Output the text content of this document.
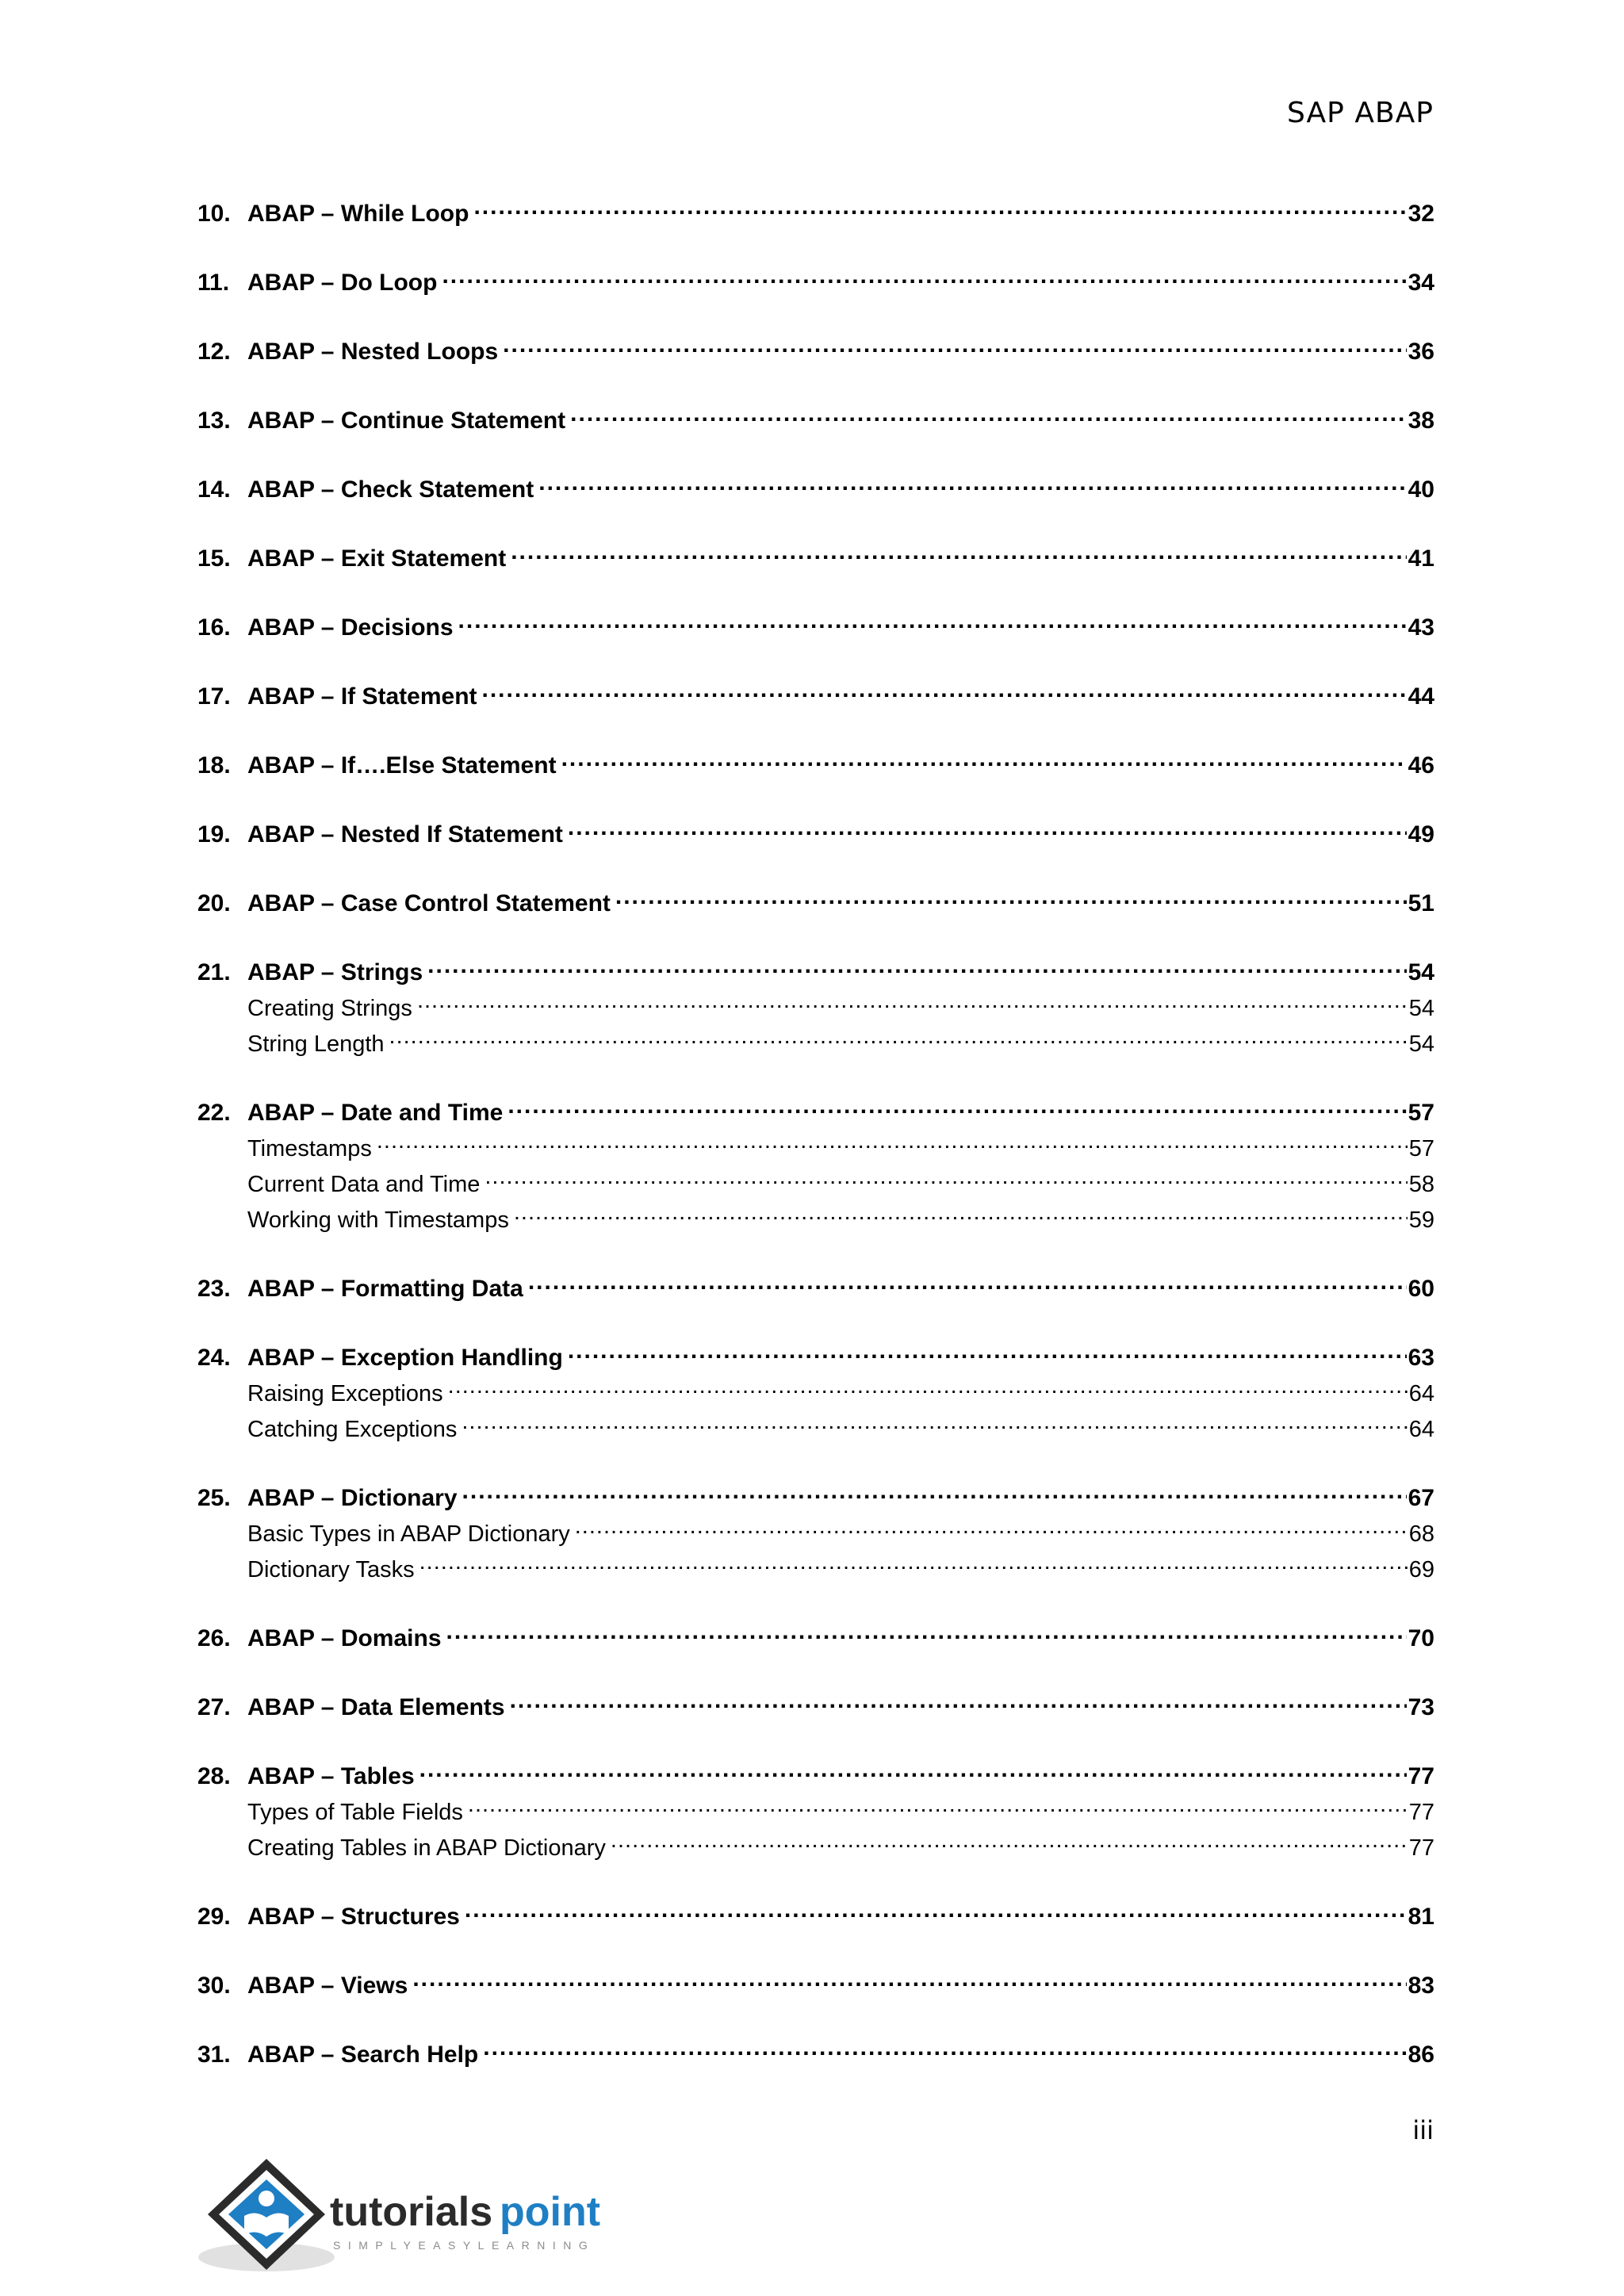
SAP ABAP
10. ABAP – While Loop .....	32
11. ABAP – Do Loop .....	34
12. ABAP – Nested Loops .....	36
13. ABAP – Continue Statement .....	38
14. ABAP – Check Statement .....	40
15. ABAP – Exit Statement .....	41
16. ABAP – Decisions .....	43
17. ABAP – If Statement .....	44
18. ABAP – If….Else Statement .....	46
19. ABAP – Nested If Statement .....	49
20. ABAP – Case Control Statement .....	51
21. ABAP – Strings .....	54
Creating Strings .....	54
String Length .....	54
22. ABAP – Date and Time .....	57
Timestamps .....	57
Current Data and Time .....	58
Working with Timestamps .....	59
23. ABAP – Formatting Data .....	60
24. ABAP – Exception Handling .....	63
Raising Exceptions .....	64
Catching Exceptions .....	64
25. ABAP – Dictionary .....	67
Basic Types in ABAP Dictionary .....	68
Dictionary Tasks .....	69
26. ABAP – Domains .....	70
27. ABAP – Data Elements .....	73
28. ABAP – Tables .....	77
Types of Table Fields .....	77
Creating Tables in ABAP Dictionary .....	77
29. ABAP – Structures .....	81
30. ABAP – Views .....	83
31. ABAP – Search Help .....	86
iii
tutorials point
SIMPLYEASYLEARNING
